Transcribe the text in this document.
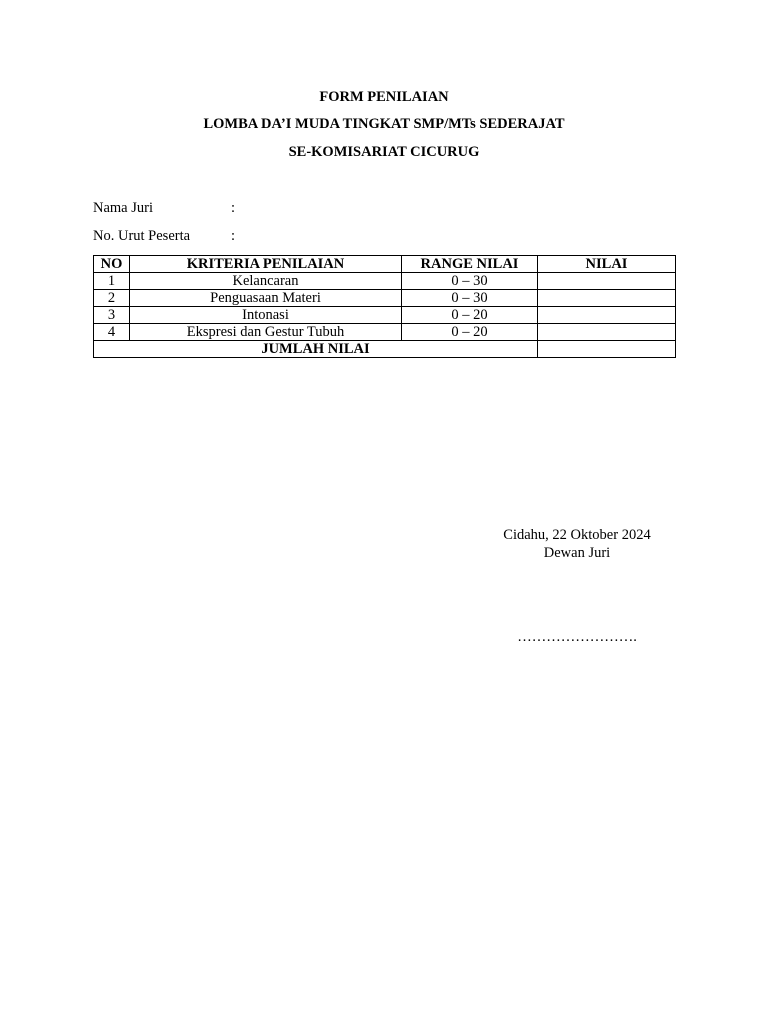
FORM PENILAIAN
LOMBA DA’I MUDA TINGKAT SMP/MTs SEDERAJAT
SE-KOMISARIAT CICURUG
Nama Juri	:
No. Urut Peserta	:
NO	KRITERIA PENILAIAN	RANGE NILAI	NILAI
1	Kelancaran	0 – 30	
2	Penguasaan Materi	0 – 30	
3	Intonasi	0 – 20	
4	Ekspresi dan Gestur Tubuh	0 – 20	
JUMLAH NILAI			
Cidahu, 22 Oktober 2024
Dewan Juri
…………………….
